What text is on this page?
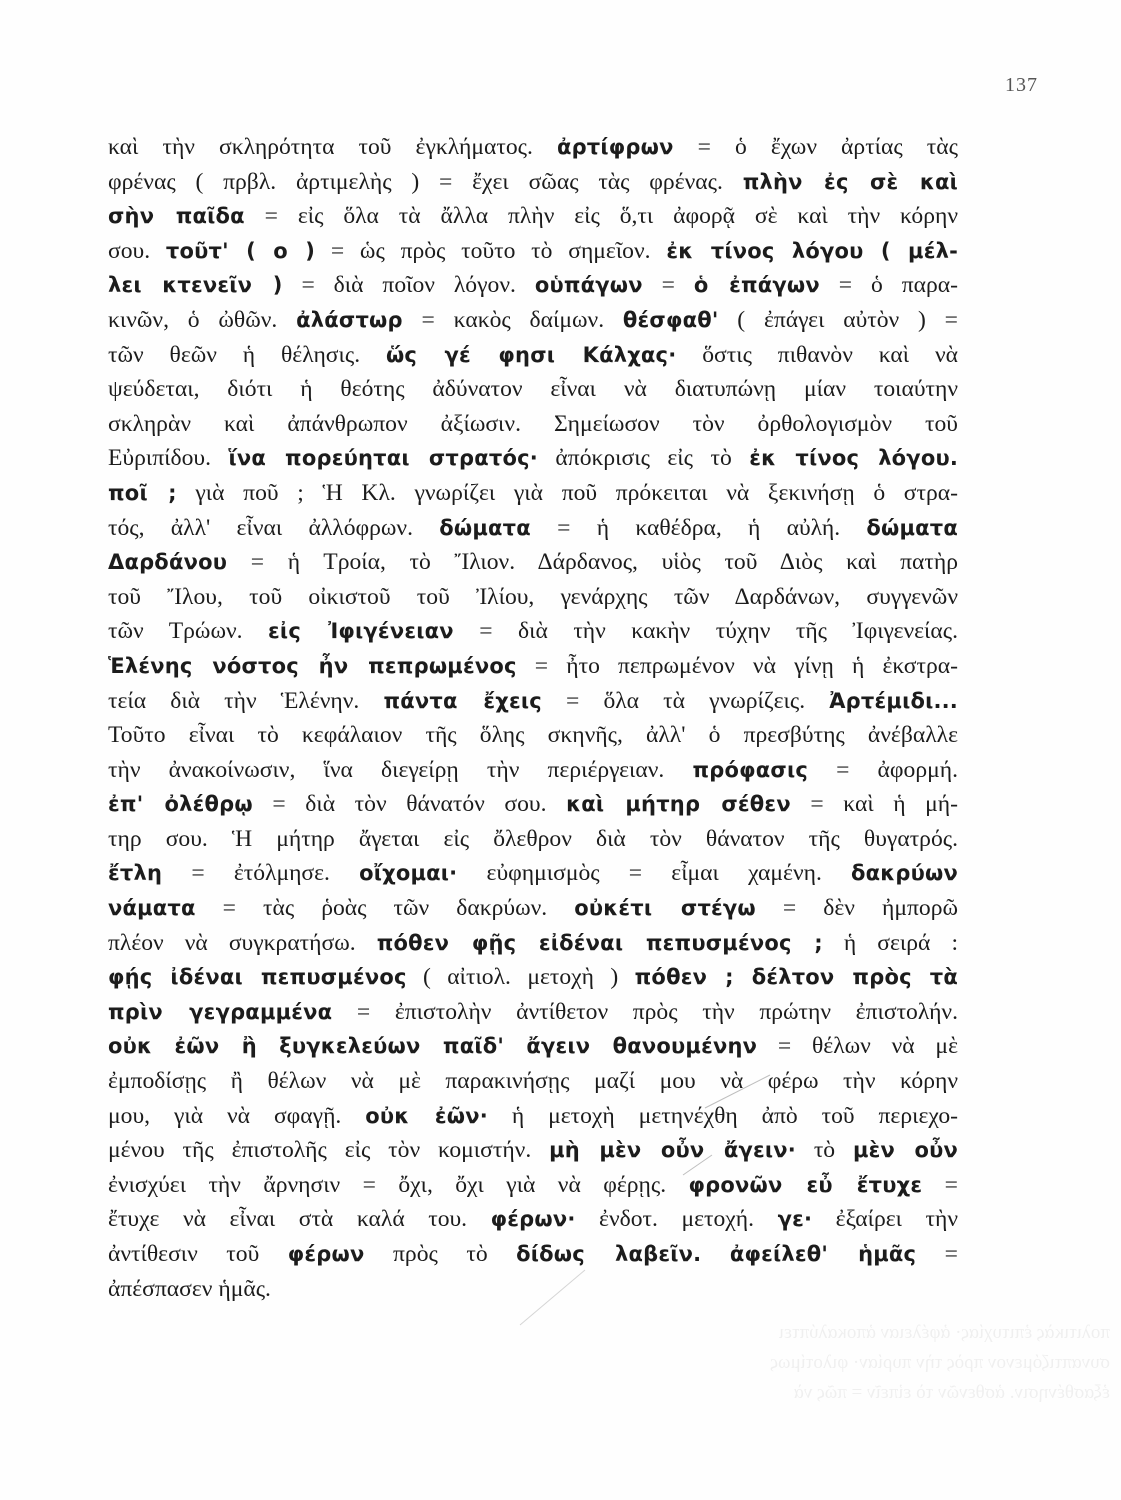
137
καὶ τὴν σκληρότητα τοῦ ἐγκλήματος. ἀρτίφρων = ὁ ἔχων ἀρτίας τὰς
φρένας ( πρβλ. ἀρτιμελὴς ) = ἔχει σῶας τὰς φρένας. πλὴν ἐς σὲ καὶ
σὴν παῖδα = εἰς ὅλα τὰ ἄλλα πλὴν εἰς ὅ,τι ἀφορᾷ σὲ καὶ τὴν κόρην
σου. τοῦτ' ( ο ) = ὡς πρὸς τοῦτο τὸ σημεῖον. ἐκ τίνος λόγου ( μέλ-
λει κτενεῖν ) = διὰ ποῖον λόγον. οὑπάγων = ὁ ἐπάγων = ὁ παρα-
κινῶν, ὁ ὠθῶν. ἀλάστωρ = κακὸς δαίμων. θέσφαθ' ( ἐπάγει αὐτὸν ) =
τῶν θεῶν ἡ θέλησις. ὥς γέ φησι Κάλχας· ὅστις πιθανὸν καὶ νὰ
ψεύδεται, διότι ἡ θεότης ἀδύνατον εἶναι νὰ διατυπώνῃ μίαν τοιαύτην
σκληρὰν καὶ ἀπάνθρωπον ἀξίωσιν. Σημείωσον τὸν ὀρθολογισμὸν τοῦ
Εὐριπίδου. ἵνα πορεύηται στρατός· ἀπόκρισις εἰς τὸ ἐκ τίνος λόγου.
ποῖ ; γιὰ ποῦ ; Ἡ Κλ. γνωρίζει γιὰ ποῦ πρόκειται νὰ ξεκινήσῃ ὁ στρα-
τός, ἀλλ' εἶναι ἀλλόφρων. δώματα = ἡ καθέδρα, ἡ αὐλή. δώματα
Δαρδάνου = ἡ Τροία, τὸ Ἴλιον. Δάρδανος, υἱὸς τοῦ Διὸς καὶ πατὴρ
τοῦ Ἴλου, τοῦ οἰκιστοῦ τοῦ Ἰλίου, γενάρχης τῶν Δαρδάνων, συγγενῶν
τῶν Τρώων. εἰς Ἰφιγένειαν = διὰ τὴν κακὴν τύχην τῆς Ἰφιγενείας.
Ἑλένης νόστος ἦν πεπρωμένος = ἦτο πεπρωμένον νὰ γίνῃ ἡ ἐκστρα-
τεία διὰ τὴν Ἑλένην. πάντα ἔχεις = ὅλα τὰ γνωρίζεις. Ἀρτέμιδι...
Τοῦτο εἶναι τὸ κεφάλαιον τῆς ὅλης σκηνῆς, ἀλλ' ὁ πρεσβύτης ἀνέβαλλε
τὴν ἀνακοίνωσιν, ἵνα διεγείρῃ τὴν περιέργειαν. πρόφασις = ἀφορμή.
ἐπ' ὀλέθρῳ = διὰ τὸν θάνατόν σου. καὶ μήτηρ σέθεν = καὶ ἡ μή-
τηρ σου. Ἡ μήτηρ ἄγεται εἰς ὄλεθρον διὰ τὸν θάνατον τῆς θυγατρός.
ἔτλη = ἐτόλμησε. οἴχομαι· εὐφημισμὸς = εἶμαι χαμένη. δακρύων
νάματα = τὰς ῥοὰς τῶν δακρύων. οὐκέτι στέγω = δὲν ἠμπορῶ
πλέον νὰ συγκρατήσω. πόθεν φῇς εἰδέναι πεπυσμένος ; ἡ σειρά :
φῄς ἰδέναι πεπυσμένος ( αἰτιολ. μετοχὴ ) πόθεν ; δέλτον πρὸς τὰ
πρὶν γεγραμμένα = ἐπιστολὴν ἀντίθετον πρὸς τὴν πρώτην ἐπιστολήν.
οὐκ ἐῶν ἢ ξυγκελεύων παῖδ' ἄγειν θανουμένην = θέλων νὰ μὲ
ἐμποδίσῃς ἢ θέλων νὰ μὲ παρακινήσῃς μαζί μου νὰ φέρω τὴν κόρην
μου, γιὰ νὰ σφαγῇ. οὐκ ἐῶν· ἡ μετοχὴ μετηνέχθη ἀπὸ τοῦ περιεχο-
μένου τῆς ἐπιστολῆς εἰς τὸν κομιστήν. μὴ μὲν οὖν ἄγειν· τὸ μὲν οὖν
ἐνισχύει τὴν ἄρνησιν = ὄχι, ὄχι γιὰ νὰ φέρῃς. φρονῶν εὖ ἔτυχε =
ἔτυχε νὰ εἶναι στὰ καλά του. φέρων· ἐνδοτ. μετοχή. γε· ἐξαίρει τὴν
ἀντίθεσιν τοῦ φέρων πρὸς τὸ δίδως λαβεῖν. ἀφείλεθ' ἡμᾶς =
ἀπέσπασεν ἡμᾶς.
πολιτικὰς ἐπιτυχίας· ἀφέλειαν ἀποκαλύπτει
συναπτιζόμενον πρὸς τὴν πυρίαν· φιλοτίμως
ἐξασθένησιν. ἀσθενῶν τὸ εἰπεῖν = πῶς νὰ
